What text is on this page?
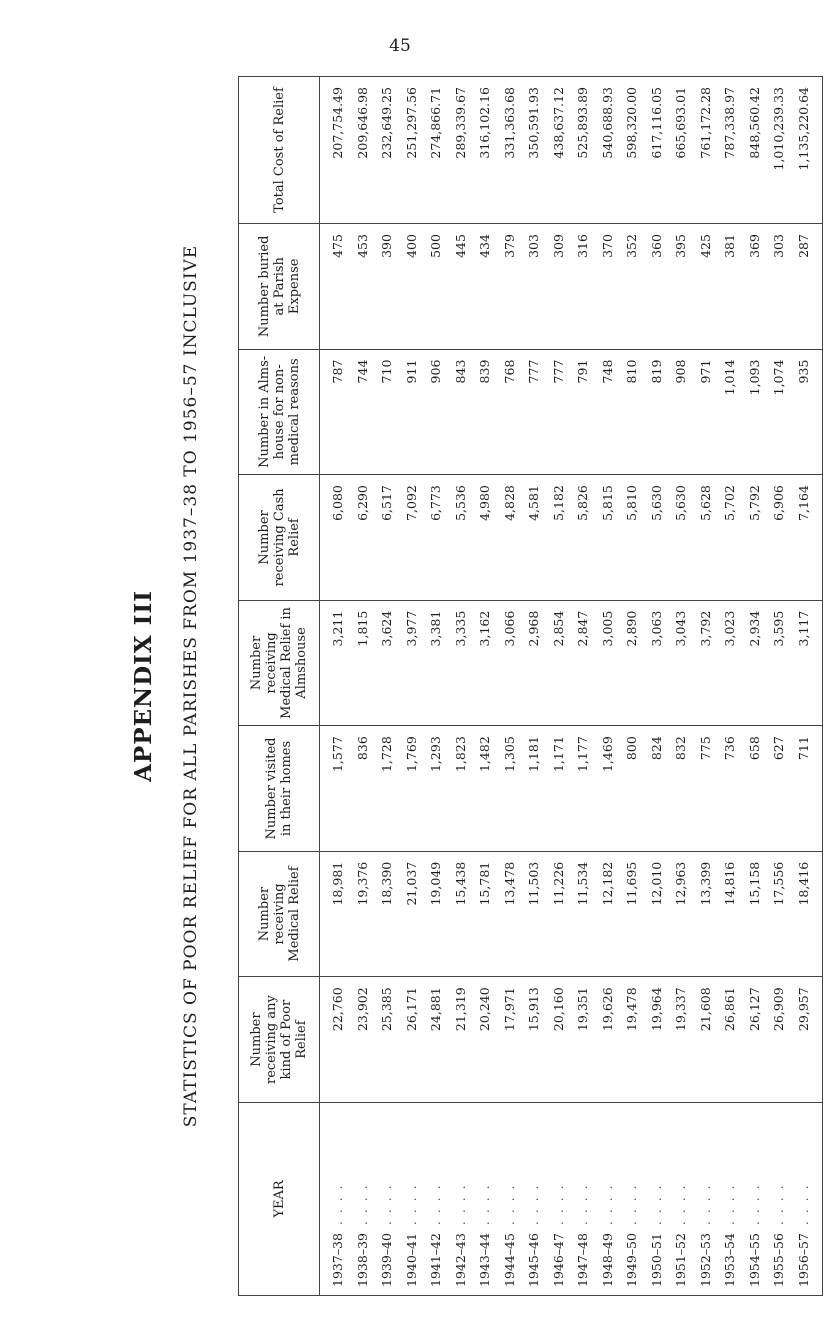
45
APPENDIX III STATISTICS OF POOR RELIEF FOR ALL PARISHES FROM 1937–38 TO 1956–57 INCLUSIVE
YEAR	Number receiving any kind of Poor Relief	Number receiving Medical Relief	Number visited in their homes	Number receiving Medical Relief in Almshouse	Number receiving Cash Relief	Number in Alms-house for non-medical reasons	Number buried at Parish Expense	Total Cost of Relief
1937–38  .  .  .  .	22,760	18,981	1,577	3,211	6,080	787	475	207,754.49
1938–39  .  .  .  .	23,902	19,376	836	1,815	6,290	744	453	209,646.98
1939–40  .  .  .  .	25,385	18,390	1,728	3,624	6,517	710	390	232,649.25
1940–41  .  .  .  .	26,171	21,037	1,769	3,977	7,092	911	400	251,297.56
1941–42  .  .  .  .	24,881	19,049	1,293	3,381	6,773	906	500	274,866.71
1942–43  .  .  .  .	21,319	15,438	1,823	3,335	5,536	843	445	289,339.67
1943–44  .  .  .  .	20,240	15,781	1,482	3,162	4,980	839	434	316,102.16
1944–45  .  .  .  .	17,971	13,478	1,305	3,066	4,828	768	379	331,363.68
1945–46  .  .  .  .	15,913	11,503	1,181	2,968	4,581	777	303	350,591.93
1946–47  .  .  .  .	20,160	11,226	1,171	2,854	5,182	777	309	438,637.12
1947–48  .  .  .  .	19,351	11,534	1,177	2,847	5,826	791	316	525,893.89
1948–49  .  .  .  .	19,626	12,182	1,469	3,005	5,815	748	370	540,688.93
1949–50  .  .  .  .	19,478	11,695	800	2,890	5,810	810	352	598,320.00
1950–51  .  .  .  .	19,964	12,010	824	3,063	5,630	819	360	617,116.05
1951–52  .  .  .  .	19,337	12,963	832	3,043	5,630	908	395	665,693.01
1952–53  .  .  .  .	21,608	13,399	775	3,792	5,628	971	425	761,172.28
1953–54  .  .  .  .	26,861	14,816	736	3,023	5,702	1,014	381	787,338.97
1954–55  .  .  .  .	26,127	15,158	658	2,934	5,792	1,093	369	848,560.42
1955–56  .  .  .  .	26,909	17,556	627	3,595	6,906	1,074	303	1,010,239.33
1956–57  .  .  .  .	29,957	18,416	711	3,117	7,164	935	287	1,135,220.64
